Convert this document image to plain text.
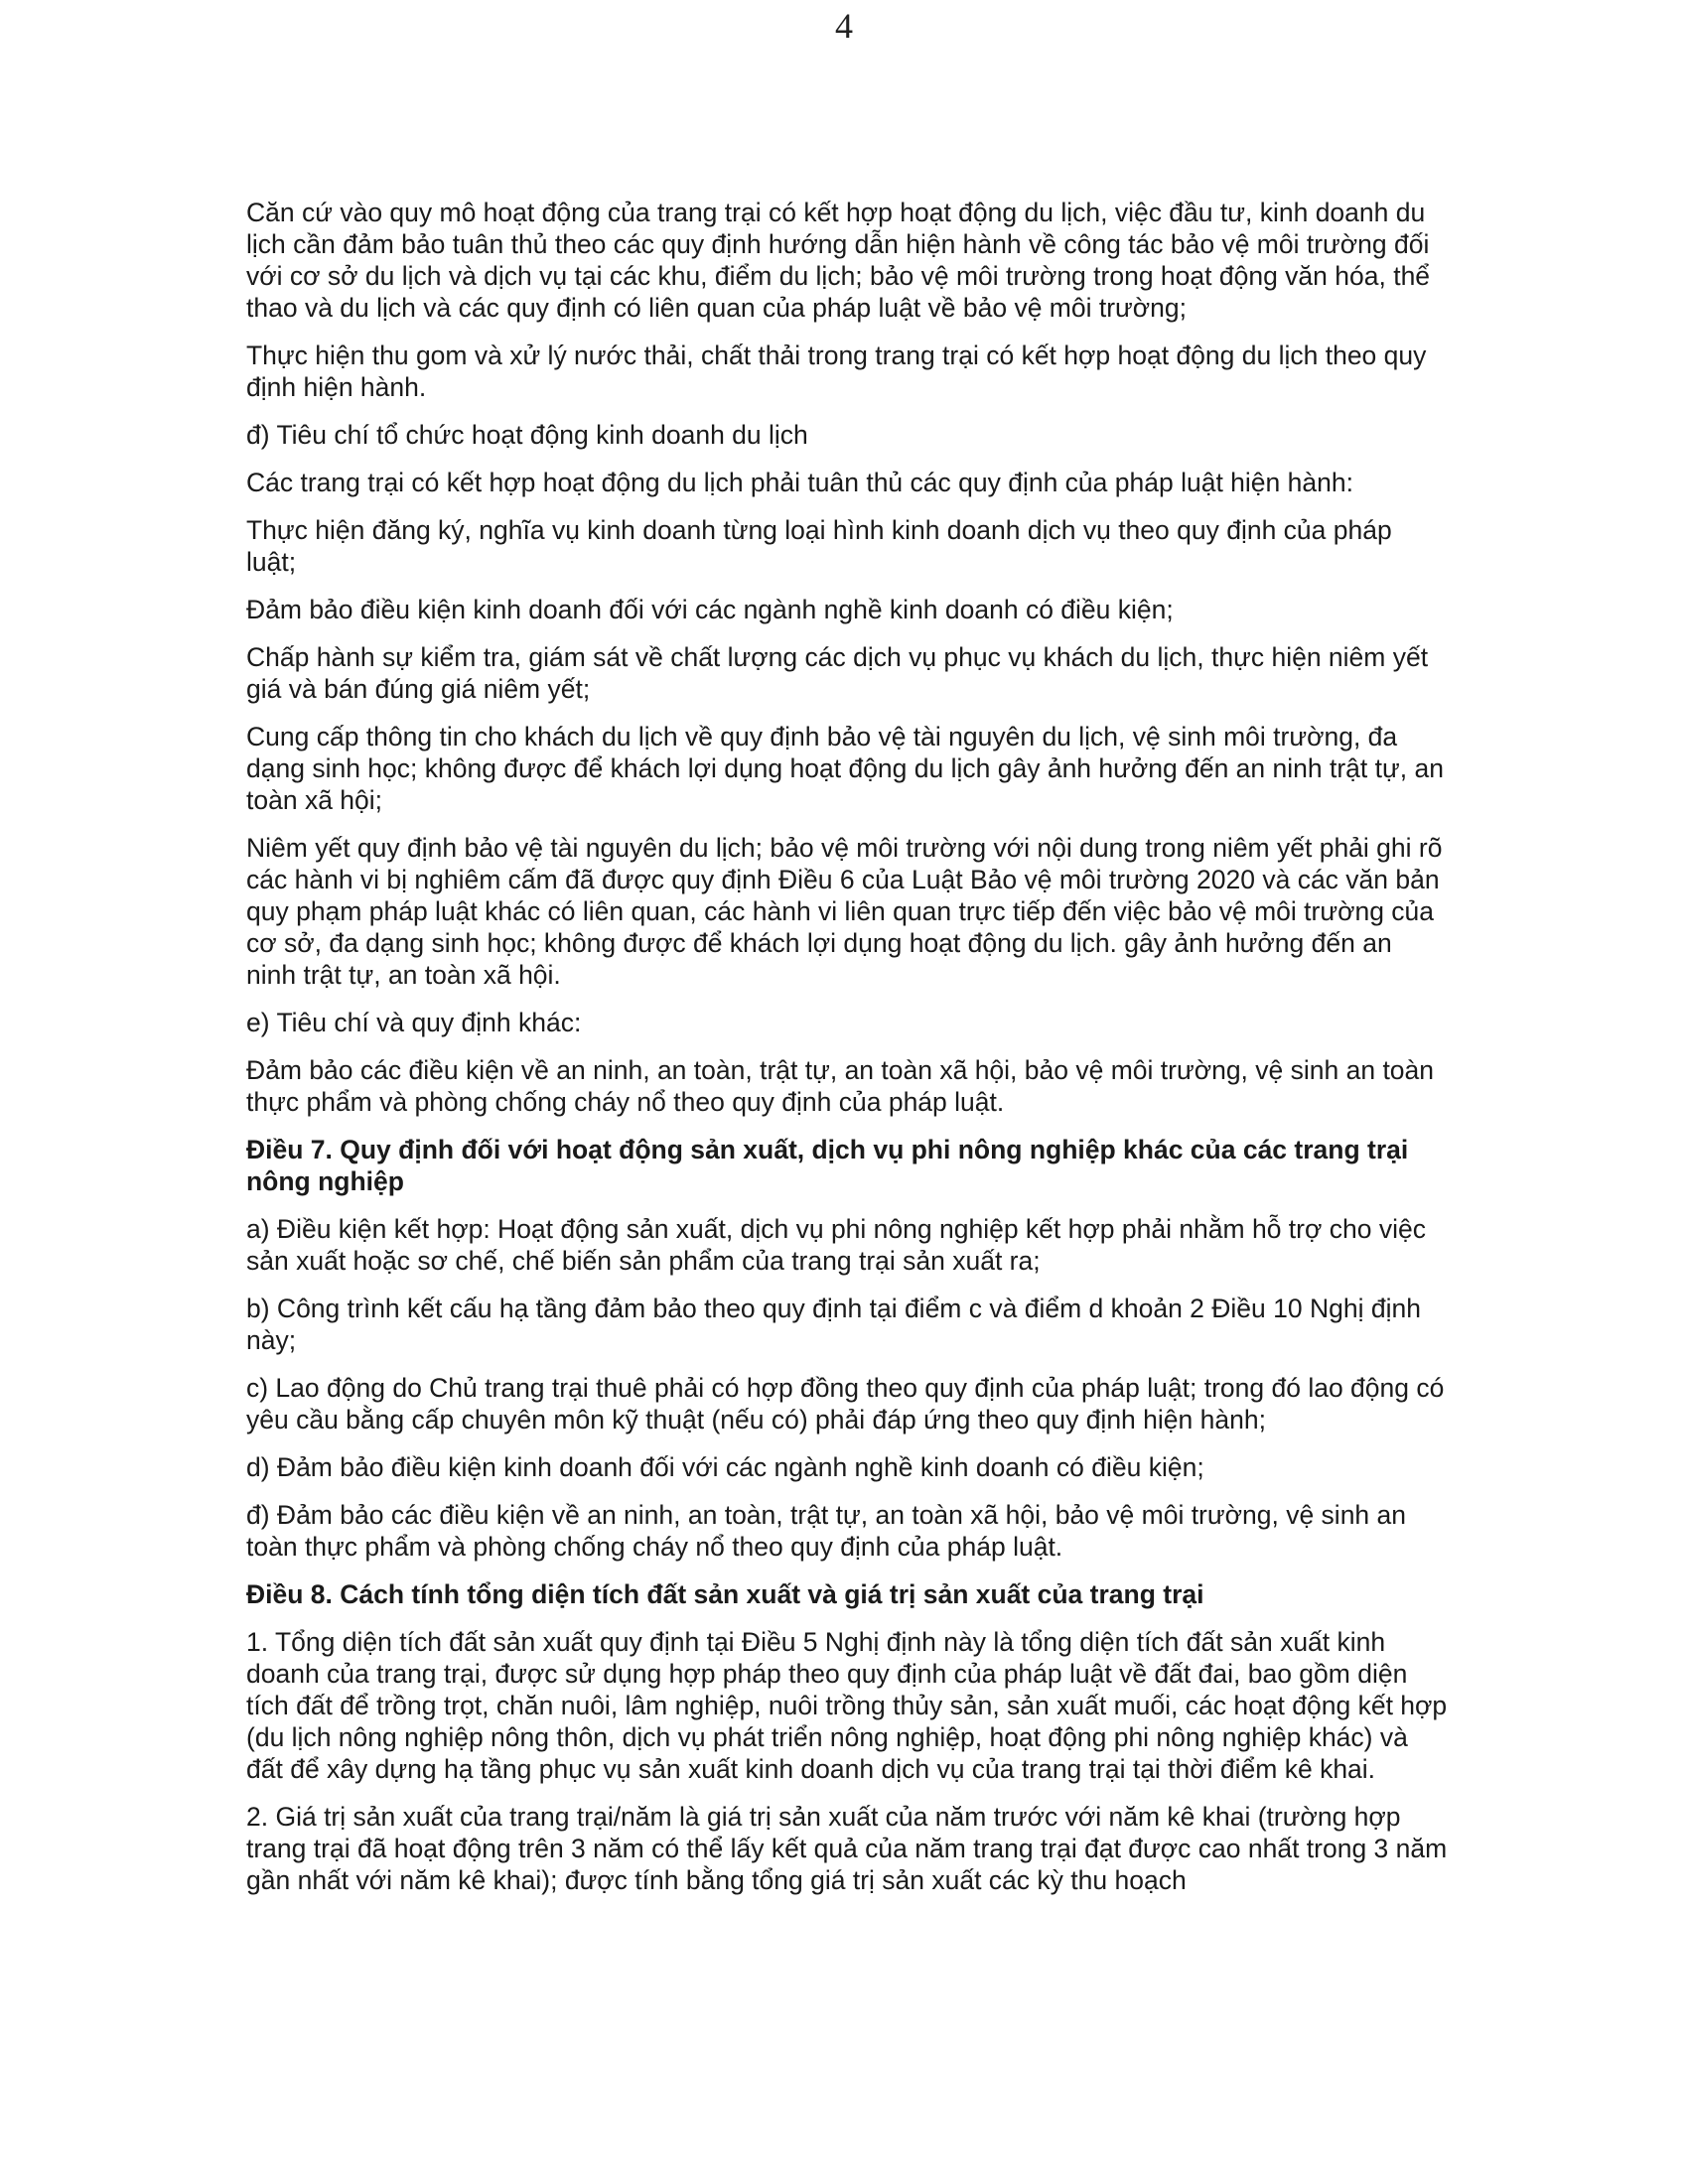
4

Căn cứ vào quy mô hoạt động của trang trại có kết hợp hoạt động du lịch, việc đầu tư, kinh doanh du lịch cần đảm bảo tuân thủ theo các quy định hướng dẫn hiện hành về công tác bảo vệ môi trường đối với cơ sở du lịch và dịch vụ tại các khu, điểm du lịch; bảo vệ môi trường trong hoạt động văn hóa, thể thao và du lịch và các quy định có liên quan của pháp luật về bảo vệ môi trường;

Thực hiện thu gom và xử lý nước thải, chất thải trong trang trại có kết hợp hoạt động du lịch theo quy định hiện hành.

đ) Tiêu chí tổ chức hoạt động kinh doanh du lịch

Các trang trại có kết hợp hoạt động du lịch phải tuân thủ các quy định của pháp luật hiện hành:

Thực hiện đăng ký, nghĩa vụ kinh doanh từng loại hình kinh doanh dịch vụ theo quy định của pháp luật;

Đảm bảo điều kiện kinh doanh đối với các ngành nghề kinh doanh có điều kiện;

Chấp hành sự kiểm tra, giám sát về chất lượng các dịch vụ phục vụ khách du lịch, thực hiện niêm yết giá và bán đúng giá niêm yết;

Cung cấp thông tin cho khách du lịch về quy định bảo vệ tài nguyên du lịch, vệ sinh môi trường, đa dạng sinh học; không được để khách lợi dụng hoạt động du lịch gây ảnh hưởng đến an ninh trật tự, an toàn xã hội;

Niêm yết quy định bảo vệ tài nguyên du lịch; bảo vệ môi trường với nội dung trong niêm yết phải ghi rõ các hành vi bị nghiêm cấm đã được quy định Điều 6 của Luật Bảo vệ môi trường 2020 và các văn bản quy phạm pháp luật khác có liên quan, các hành vi liên quan trực tiếp đến việc bảo vệ môi trường của cơ sở, đa dạng sinh học; không được để khách lợi dụng hoạt động du lịch. gây ảnh hưởng đến an ninh trật tự, an toàn xã hội.

e) Tiêu chí và quy định khác:

Đảm bảo các điều kiện về an ninh, an toàn, trật tự, an toàn xã hội, bảo vệ môi trường, vệ sinh an toàn thực phẩm và phòng chống cháy nổ theo quy định của pháp luật.

Điều 7. Quy định đối với hoạt động sản xuất, dịch vụ phi nông nghiệp khác của các trang trại nông nghiệp

a) Điều kiện kết hợp: Hoạt động sản xuất, dịch vụ phi nông nghiệp kết hợp phải nhằm hỗ trợ cho việc sản xuất hoặc sơ chế, chế biến sản phẩm của trang trại sản xuất ra;

b) Công trình kết cấu hạ tầng đảm bảo theo quy định tại điểm c và điểm d khoản 2 Điều 10 Nghị định này;

c) Lao động do Chủ trang trại thuê phải có hợp đồng theo quy định của pháp luật; trong đó lao động có yêu cầu bằng cấp chuyên môn kỹ thuật (nếu có) phải đáp ứng theo quy định hiện hành;

d) Đảm bảo điều kiện kinh doanh đối với các ngành nghề kinh doanh có điều kiện;

đ) Đảm bảo các điều kiện về an ninh, an toàn, trật tự, an toàn xã hội, bảo vệ môi trường, vệ sinh an toàn thực phẩm và phòng chống cháy nổ theo quy định của pháp luật.

Điều 8. Cách tính tổng diện tích đất sản xuất và giá trị sản xuất của trang trại

1. Tổng diện tích đất sản xuất quy định tại Điều 5 Nghị định này là tổng diện tích đất sản xuất kinh doanh của trang trại, được sử dụng hợp pháp theo quy định của pháp luật về đất đai, bao gồm diện tích đất để trồng trọt, chăn nuôi, lâm nghiệp, nuôi trồng thủy sản, sản xuất muối, các hoạt động kết hợp (du lịch nông nghiệp nông thôn, dịch vụ phát triển nông nghiệp, hoạt động phi nông nghiệp khác) và đất để xây dựng hạ tầng phục vụ sản xuất kinh doanh dịch vụ của trang trại tại thời điểm kê khai.

2. Giá trị sản xuất của trang trại/năm là giá trị sản xuất của năm trước với năm kê khai (trường hợp trang trại đã hoạt động trên 3 năm có thể lấy kết quả của năm trang trại đạt được cao nhất trong 3 năm gần nhất với năm kê khai); được tính bằng tổng giá trị sản xuất các kỳ thu hoạch
